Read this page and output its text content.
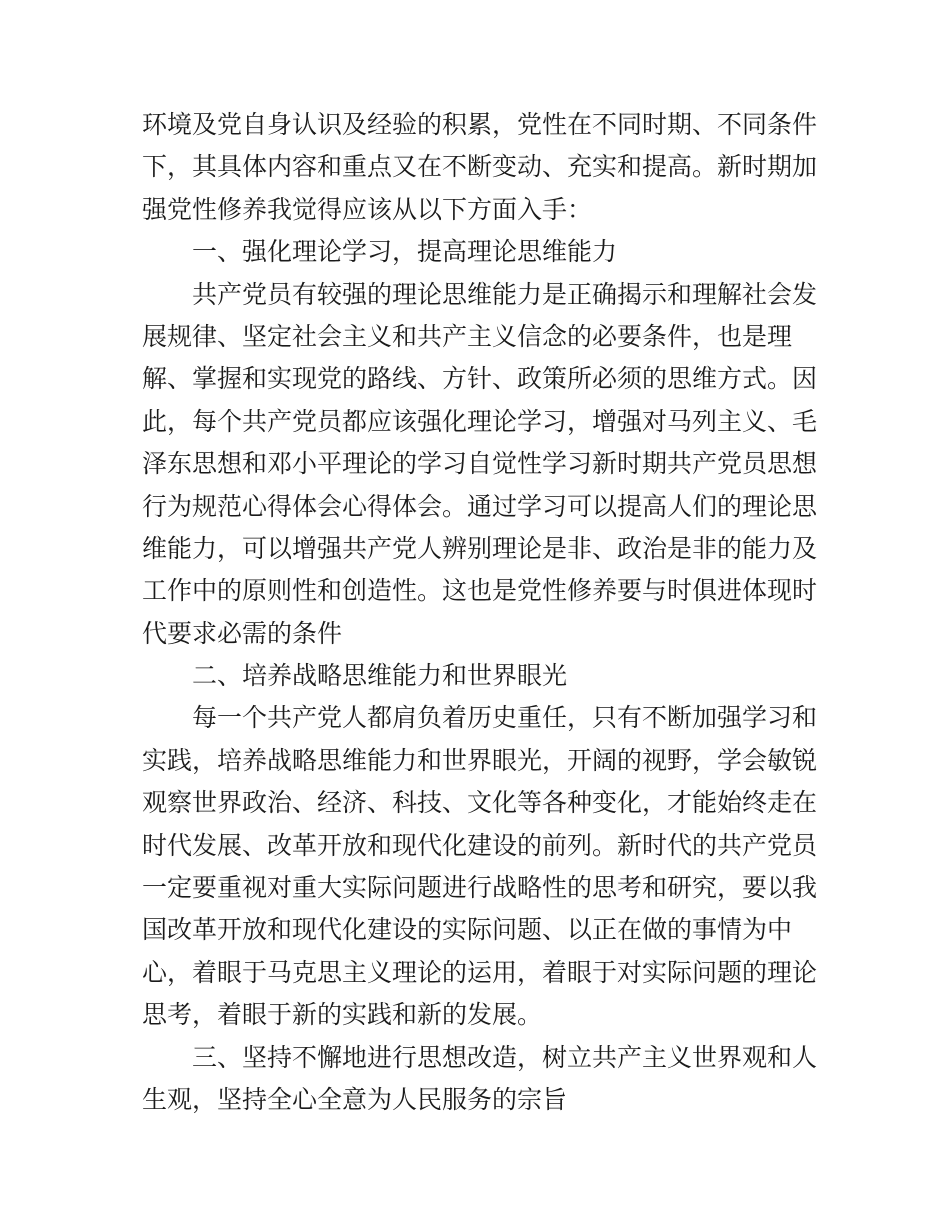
环境及党自身认识及经验的积累，党性在不同时期、不同条件
下，其具体内容和重点又在不断变动、充实和提高。新时期加
强党性修养我觉得应该从以下方面入手：
一、强化理论学习，提高理论思维能力
共产党员有较强的理论思维能力是正确揭示和理解社会发
展规律、坚定社会主义和共产主义信念的必要条件，也是理
解、掌握和实现党的路线、方针、政策所必须的思维方式。因
此，每个共产党员都应该强化理论学习，增强对马列主义、毛
泽东思想和邓小平理论的学习自觉性学习新时期共产党员思想
行为规范心得体会心得体会。通过学习可以提高人们的理论思
维能力，可以增强共产党人辨别理论是非、政治是非的能力及
工作中的原则性和创造性。这也是党性修养要与时俱进体现时
代要求必需的条件
二、培养战略思维能力和世界眼光
每一个共产党人都肩负着历史重任，只有不断加强学习和
实践，培养战略思维能力和世界眼光，开阔的视野，学会敏锐
观察世界政治、经济、科技、文化等各种变化，才能始终走在
时代发展、改革开放和现代化建设的前列。新时代的共产党员
一定要重视对重大实际问题进行战略性的思考和研究，要以我
国改革开放和现代化建设的实际问题、以正在做的事情为中
心，着眼于马克思主义理论的运用，着眼于对实际问题的理论
思考，着眼于新的实践和新的发展。
三、坚持不懈地进行思想改造，树立共产主义世界观和人
生观，坚持全心全意为人民服务的宗旨
